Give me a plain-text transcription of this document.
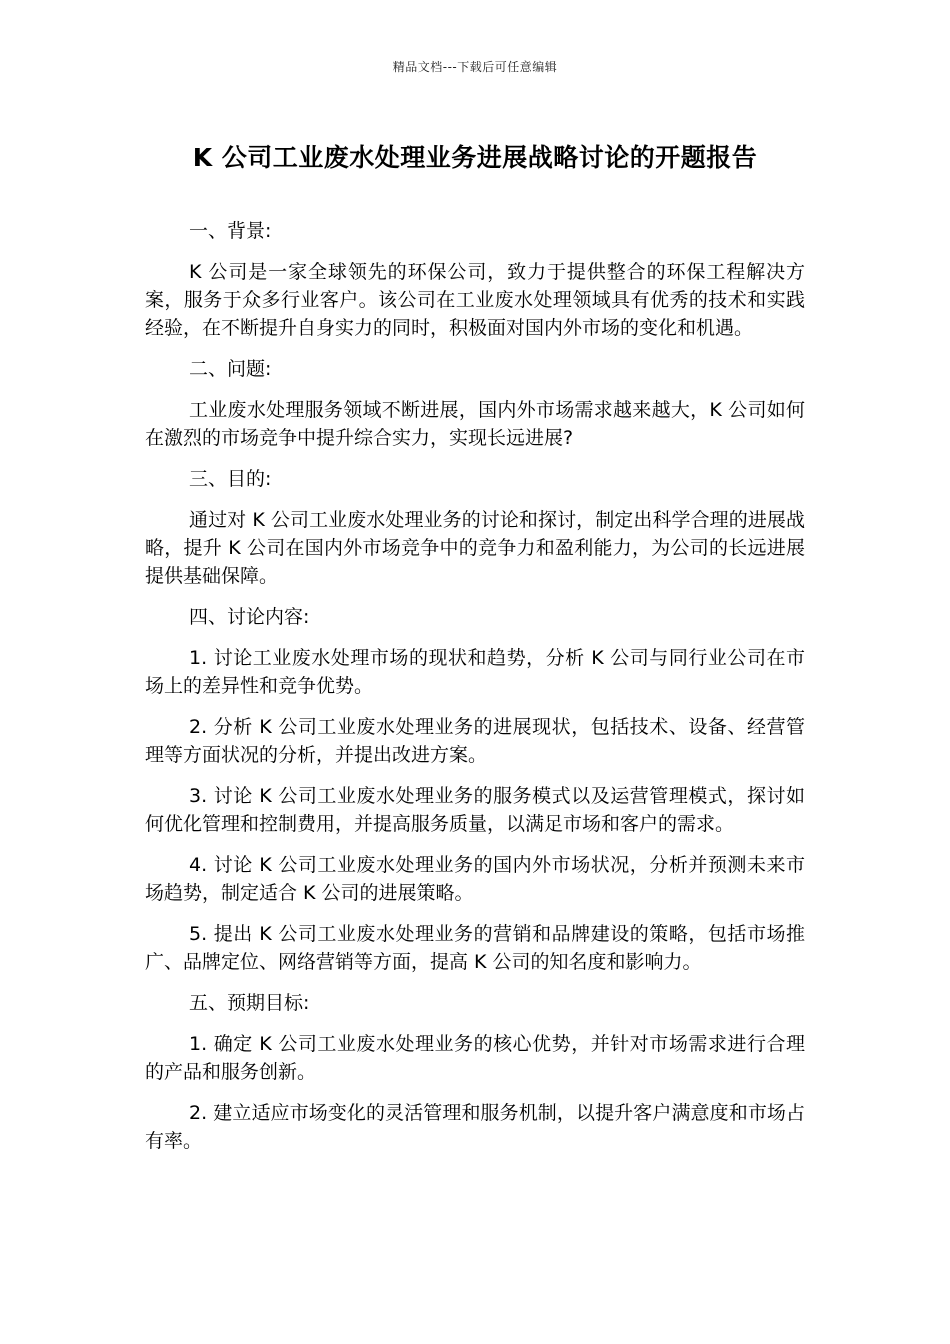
精品文档---下载后可任意编辑
K 公司工业废水处理业务进展战略讨论的开题报告

一、背景:

K 公司是一家全球领先的环保公司，致力于提供整合的环保工程解决方案，服务于众多行业客户。该公司在工业废水处理领域具有优秀的技术和实践经验，在不断提升自身实力的同时，积极面对国内外市场的变化和机遇。

二、问题:

工业废水处理服务领域不断进展，国内外市场需求越来越大，K 公司如何在激烈的市场竞争中提升综合实力，实现长远进展?

三、目的:

通过对 K 公司工业废水处理业务的讨论和探讨，制定出科学合理的进展战略，提升 K 公司在国内外市场竞争中的竞争力和盈利能力，为公司的长远进展提供基础保障。

四、讨论内容:

1. 讨论工业废水处理市场的现状和趋势，分析 K 公司与同行业公司在市场上的差异性和竞争优势。

2. 分析 K 公司工业废水处理业务的进展现状，包括技术、设备、经营管理等方面状况的分析，并提出改进方案。

3. 讨论 K 公司工业废水处理业务的服务模式以及运营管理模式，探讨如何优化管理和控制费用，并提高服务质量，以满足市场和客户的需求。

4. 讨论 K 公司工业废水处理业务的国内外市场状况，分析并预测未来市场趋势，制定适合 K 公司的进展策略。

5. 提出 K 公司工业废水处理业务的营销和品牌建设的策略，包括市场推广、品牌定位、网络营销等方面，提高 K 公司的知名度和影响力。

五、预期目标:

1. 确定 K 公司工业废水处理业务的核心优势，并针对市场需求进行合理的产品和服务创新。

2. 建立适应市场变化的灵活管理和服务机制，以提升客户满意度和市场占有率。
